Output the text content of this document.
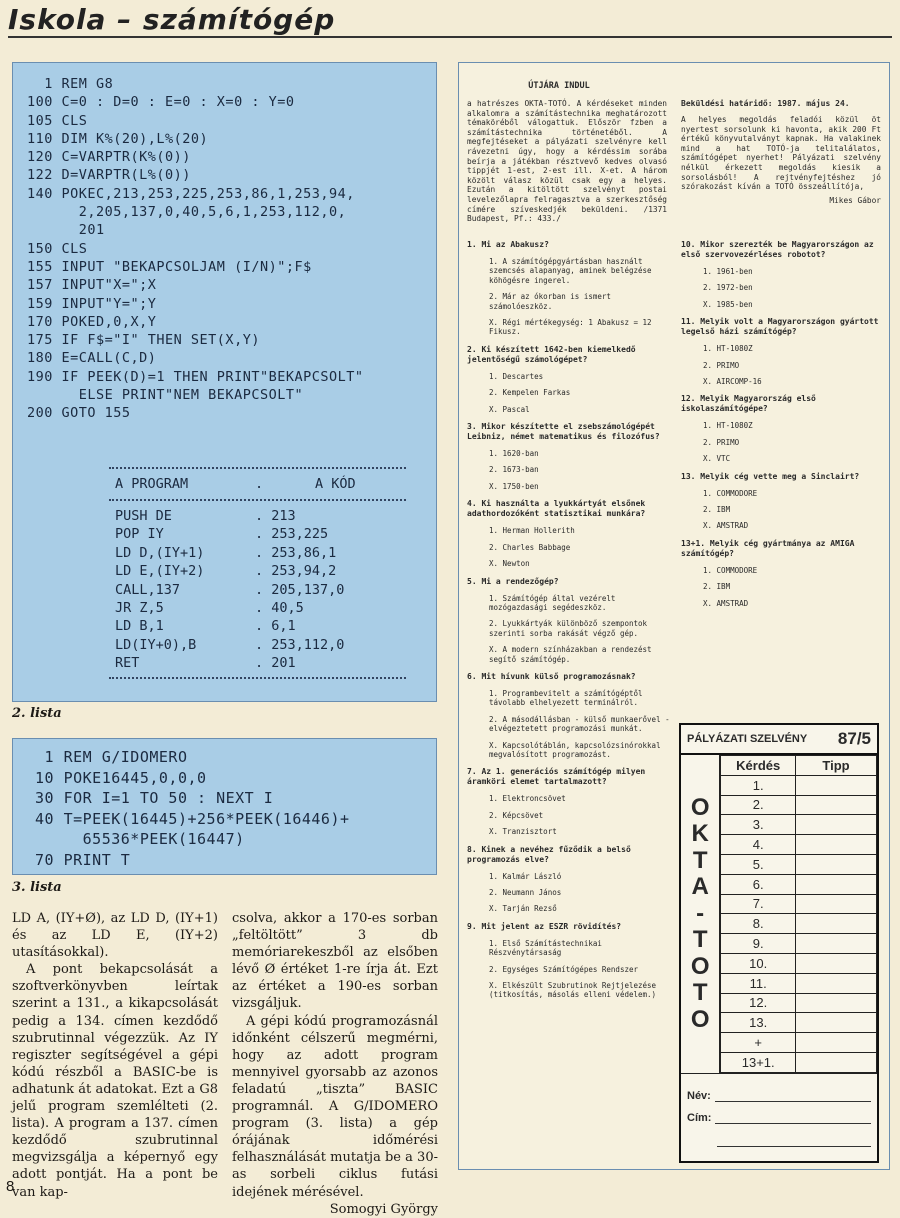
Iskola – számítógép
1 REM G8
100 C=0 : D=0 : E=0 : X=0 : Y=0
105 CLS
110 DIM K%(20),L%(20)
120 C=VARPTR(K%(0))
122 D=VARPTR(L%(0))
140 POKEC,213,253,225,253,86,1,253,94,
2,205,137,0,40,5,6,1,253,112,0,
201
150 CLS
155 INPUT "BEKAPCSOLJAM (I/N)";F$
157 INPUT"X=";X
159 INPUT"Y=";Y
170 POKED,0,X,Y
175 IF F$="I" THEN SET(X,Y)
180 E=CALL(C,D)
190 IF PEEK(D)=1 THEN PRINT"BEKAPCSOLT"
ELSE PRINT"NEM BEKAPCSOLT"
200 GOTO 155
A PROGRAM	.	A KÓD
PUSH DE	. 213
POP IY	. 253,225
LD D,(IY+1)	. 253,86,1
LD E,(IY+2)	. 253,94,2
CALL,137	. 205,137,0
JR Z,5	. 40,5
LD B,1	. 6,1
LD(IY+0),B	. 253,112,0
RET	. 201
2. lista
1 REM G/IDOMERO
10 POKE16445,0,0,0
30 FOR I=1 TO 50 : NEXT I
40 T=PEEK(16445)+256*PEEK(16446)+
65536*PEEK(16447)
70 PRINT T
3. lista

LD A, (IY+Ø), az LD D, (IY+1) és az LD E, (IY+2) utasításokkal).

A pont bekapcsolását a szoftverkönyvben leírtak szerint a 131., a kikapcsolását pedig a 134. címen kezdődő szubrutinnal végezzük. Az IY regiszter segítségével a gépi kódú részből a BASIC-be is adhatunk át adatokat. Ezt a G8 jelű program szemlélteti (2. lista). A program a 137. címen kezdődő szubrutinnal megvizsgálja a képernyő egy adott pontját. Ha a pont be van kap-

csolva, akkor a 170-es sorban „feltöltött” 3 db memóriarekeszből az elsőben lévő Ø értéket 1-re írja át. Ezt az értéket a 190-es sorban vizsgáljuk.

A gépi kódú programozásnál időnként célszerű megmérni, hogy az adott program mennyivel gyorsabb az azonos feladatú „tiszta” BASIC programnál. A G/IDOMERO program (3. lista) a gép órájának időmérési felhasználását mutatja be a 30-as sorbeli ciklus futási idejének mérésével.

Somogyi György
ÚTJÁRA INDUL
a hatrészes OKTA-TOTÓ. A kérdéseket minden alkalomra a számítástechnika meghatározott témaköréből válogattuk. Először fzben a számítástechnika történetéből. A megfejtéseket a pályázati szelvényre kell rávezetni úgy, hogy a kérdéssim sorába beírja a játékban résztvevő kedves olvasó tippjét 1-est, 2-est ill. X-et. A három közölt válasz közül csak egy a helyes. Ezután a kitöltött szelvényt postai levelezőlapra felragasztva a szerkesztőség címére szíveskedjék beküldeni. /1371 Budapest, Pf.: 433./
Beküldési határidő: 1987. május 24.
A helyes megoldás feladói közül öt nyertest sorsolunk ki havonta, akik 200 Ft értékű könyvutalványt kapnak. Ha valakinek mind a hat TOTÓ-ja telitalálatos, számítógépet nyerhet! Pályázati szelvény nélkül érkezett megoldás kiesik a sorsolásból! A rejtvényfejtéshez jó szórakozást kíván a TOTÓ összeállítója,
Mikes Gábor
1. Mi az Abakusz?
1. A számítógépgyártásban használt szemcsés alapanyag, aminek belégzése köhögésre ingerel.
2. Már az ókorban is ismert számolóeszköz.
X. Régi mértékegység: 1 Abakusz = 12 Fikusz.
2. Ki készített 1642-ben kiemelkedő jelentőségű számológépet?
1. Descartes
2. Kempelen Farkas
X. Pascal
3. Mikor készítette el zsebszámológépét Leibniz, német matematikus és filozófus?
1. 1620-ban
2. 1673-ban
X. 1750-ben
4. Ki használta a lyukkártyát elsőnek adathordozóként statisztikai munkára?
1. Herman Hollerith
2. Charles Babbage
X. Newton
5. Mi a rendezőgép?
1. Számítógép által vezérelt mozógazdasági segédeszköz.
2. Lyukkártyák különböző szempontok szerinti sorba rakását végző gép.
X. A modern színházakban a rendezést segítő számítógép.
6. Mit hívunk külső programozásnak?
1. Programbevitelt a számítógéptől távolabb elhelyezett terminálról.
2. A másodállásban - külső munkaerővel - elvégeztetett programozási munkát.
X. Kapcsolótáblán, kapcsolózsinórokkal megvalósított programozást.
7. Az 1. generációs számítógép milyen áramköri elemet tartalmazott?
1. Elektroncsövet
2. Képcsövet
X. Tranzisztort
8. Kinek a nevéhez fűződik a belső programozás elve?
1. Kalmár László
2. Neumann János
X. Tarján Rezső
9. Mit jelent az ESZR rövidítés?
1. Első Számítástechnikai Részvénytársaság
2. Egységes Számítógépes Rendszer
X. Elkészült Szubrutinok Rejtjelezése (titkosítás, másolás elleni védelem.)
10. Mikor szerezték be Magyarországon az első szervovezérléses robotot?
1. 1961-ben
2. 1972-ben
X. 1985-ben
11. Melyik volt a Magyarországon gyártott legelső házi számítógép?
1. HT-1080Z
2. PRIMO
X. AIRCOMP-16
12. Melyik Magyarország első iskolaszámítógépe?
1. HT-1080Z
2. PRIMO
X. VTC
13. Melyik cég vette meg a Sinclairt?
1. COMMODORE
2. IBM
X. AMSTRAD
13+1. Melyik cég gyártmánya az AMIGA számítógép?
1. COMMODORE
2. IBM
X. AMSTRAD
PÁLYÁZATI SZELVÉNY 87/5
O
K
T
A
-
T
O
T
O
Kérdés	Tipp
1.	
2.	
3.	
4.	
5.	
6.	
7.	
8.	
9.	
10.	
11.	
12.	
13.	
+	
13+1.	
Név:
Cím:
8
